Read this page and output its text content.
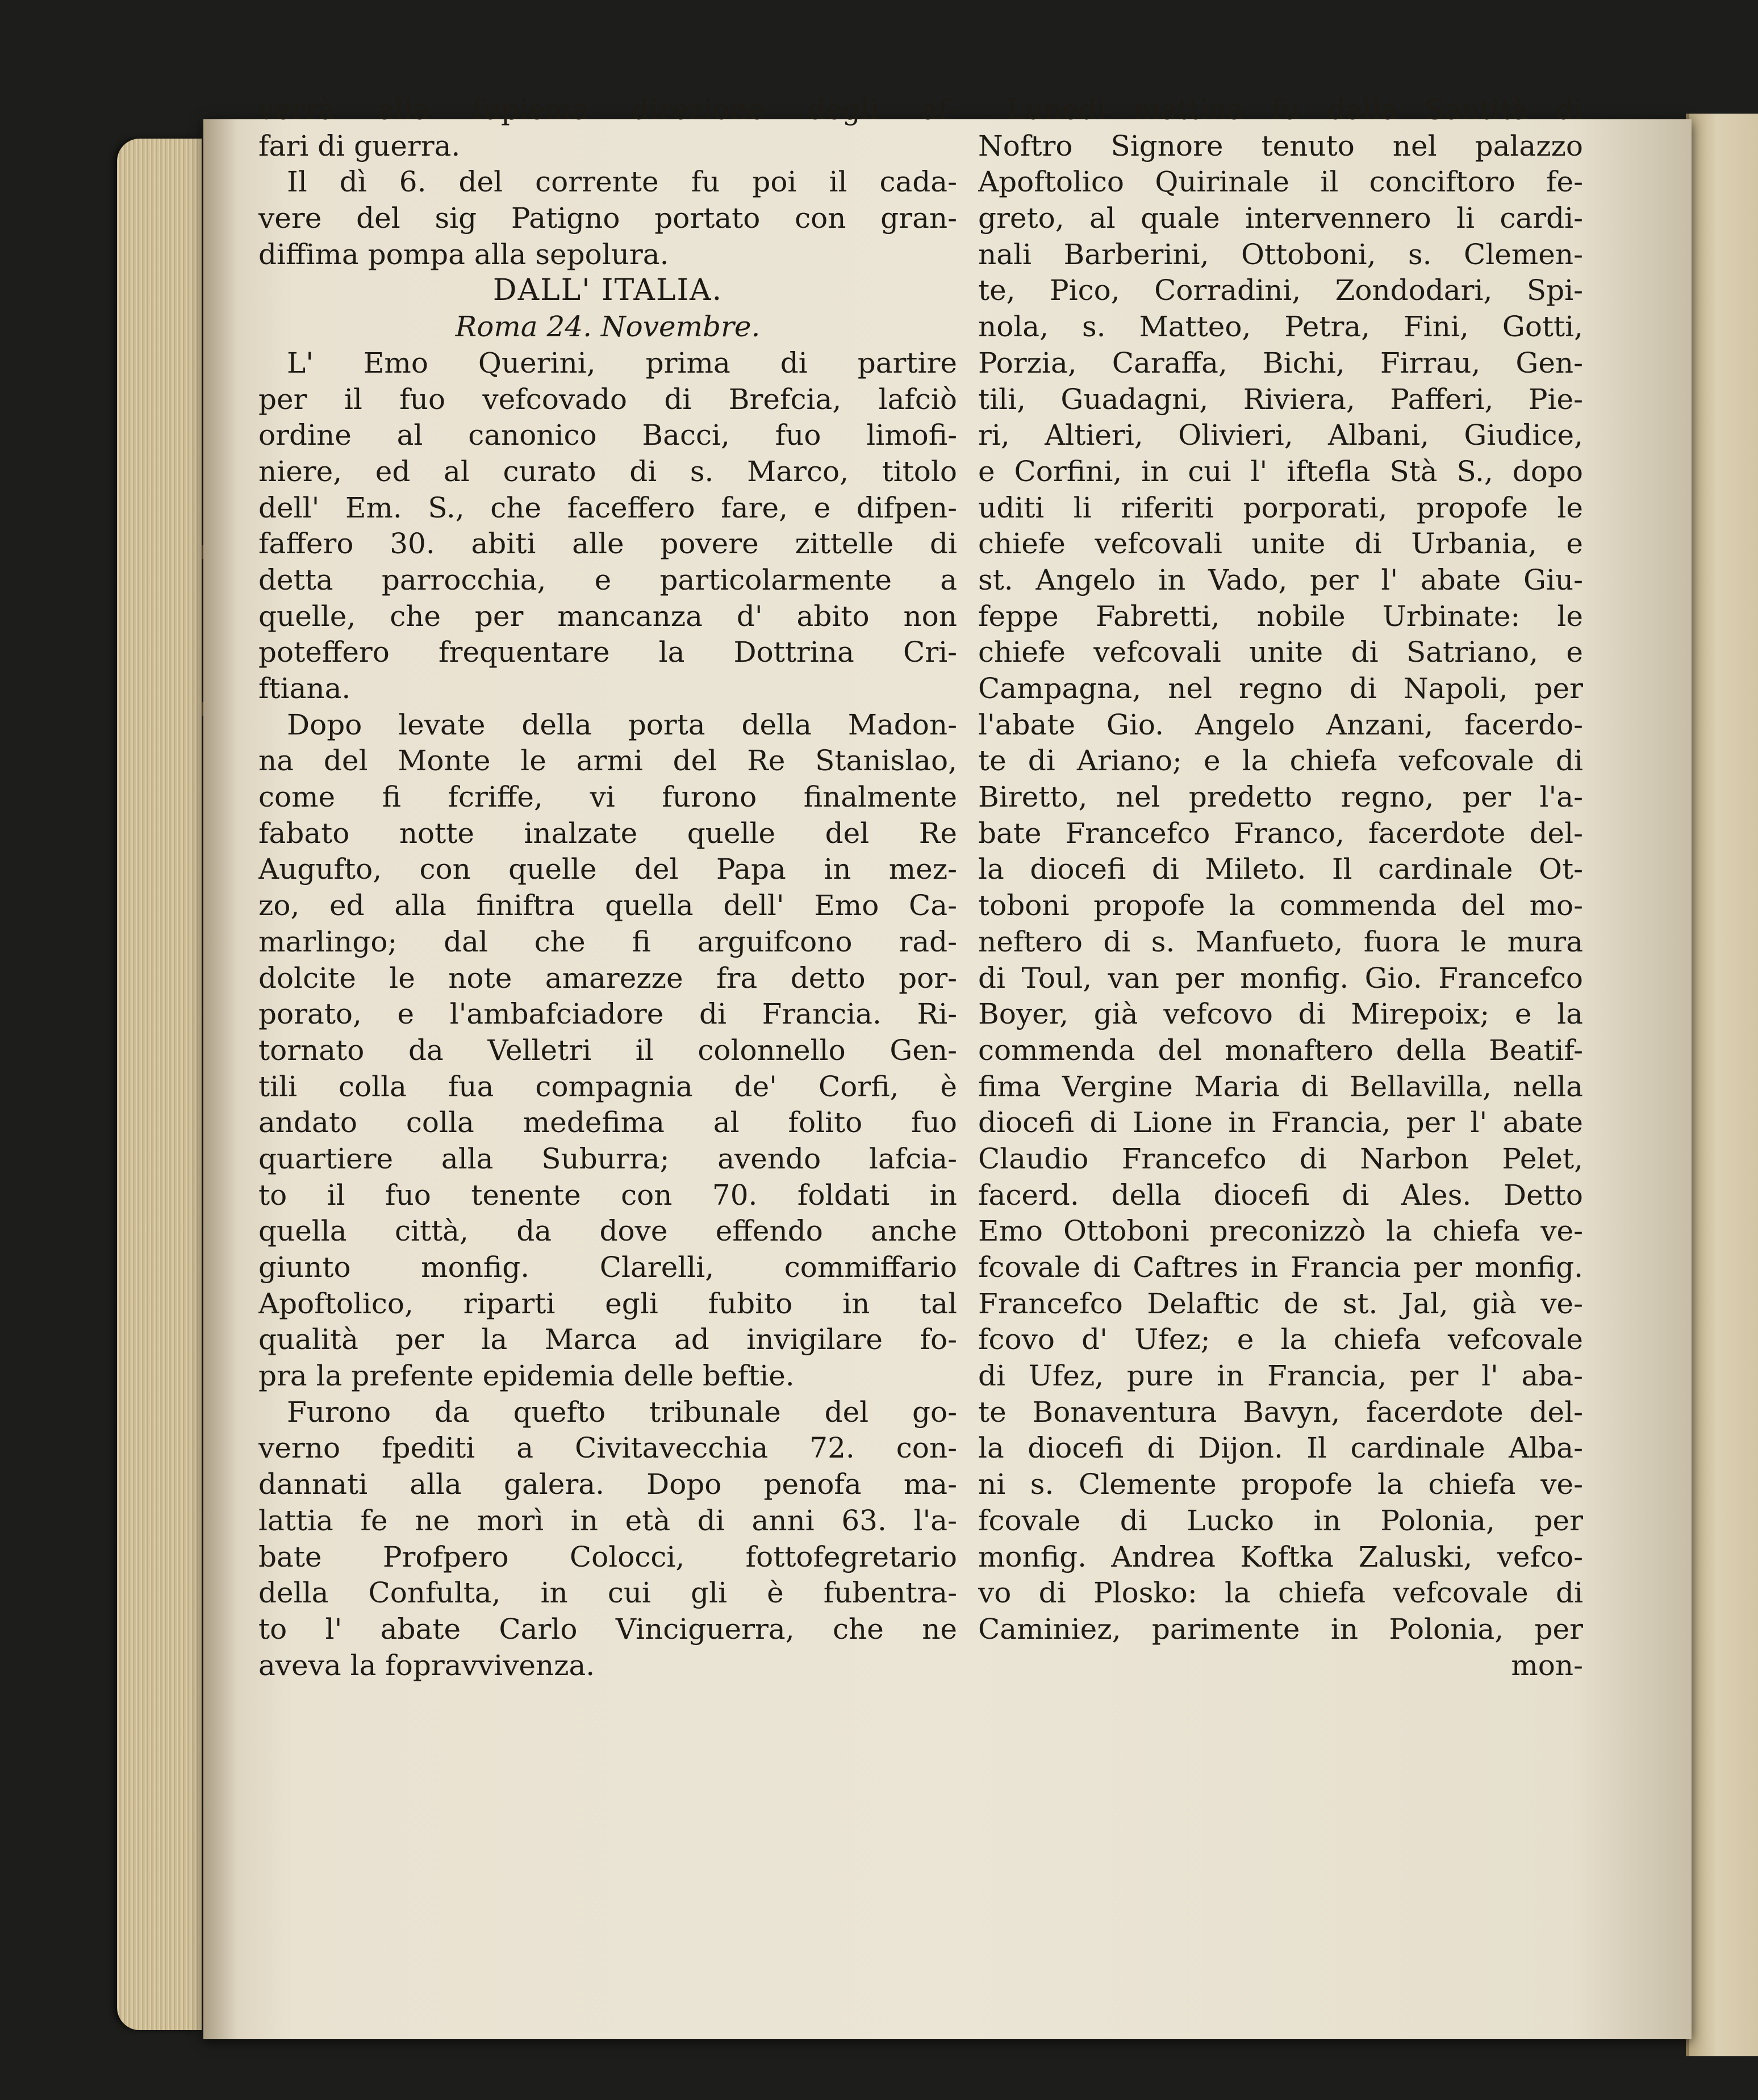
verrà alla fupiema direzione degli af-
fari di guerra.
Il dì 6. del corrente fu poi il cada-
vere del sig Patigno portato con gran-
diffima pompa alla sepolura.
DALL' ITALIA.
Roma 24. Novembre.
L' Emo Querini, prima di partire
per il fuo vefcovado di Brefcia, lafciò
ordine al canonico Bacci, fuo limofi-
niere, ed al curato di s. Marco, titolo
dell' Em. S., che faceffero fare, e difpen-
faffero 30. abiti alle povere zittelle di
detta parrocchia, e particolarmente a
quelle, che per mancanza d' abito non
poteffero frequentare la Dottrina Cri-
ftiana.
Dopo levate della porta della Madon-
na del Monte le armi del Re Stanislao,
come fi fcriffe, vi furono finalmente
fabato notte inalzate quelle del Re
Augufto, con quelle del Papa in mez-
zo, ed alla finiftra quella dell' Emo Ca-
marlingo; dal che fi arguifcono rad-
dolcite le note amarezze fra detto por-
porato, e l'ambafciadore di Francia. Ri-
tornato da Velletri il colonnello Gen-
tili colla fua compagnia de' Corfi, è
andato colla medefima al folito fuo
quartiere alla Suburra; avendo lafcia-
to il fuo tenente con 70. foldati in
quella città, da dove effendo anche
giunto monfig. Clarelli, commiffario
Apoftolico, riparti egli fubito in tal
qualità per la Marca ad invigilare fo-
pra la prefente epidemia delle beftie.
Furono da quefto tribunale del go-
verno fpediti a Civitavecchia 72. con-
dannati alla galera. Dopo penofa ma-
lattia fe ne morì in età di anni 63. l'a-
bate Profpero Colocci, fottofegretario
della Confulta, in cui gli è fubentra-
to l' abate Carlo Vinciguerra, che ne
aveva la fopravvivenza.
Lunedì mattina fu dalla Santità di
Noftro Signore tenuto nel palazzo
Apoftolico Quirinale il conciftoro fe-
greto, al quale intervennero li cardi-
nali Barberini, Ottoboni, s. Clemen-
te, Pico, Corradini, Zondodari, Spi-
nola, s. Matteo, Petra, Fini, Gotti,
Porzia, Caraffa, Bichi, Firrau, Gen-
tili, Guadagni, Riviera, Pafferi, Pie-
ri, Altieri, Olivieri, Albani, Giudice,
e Corfini, in cui l' iftefla Stà S., dopo
uditi li riferiti porporati, propofe le
chiefe vefcovali unite di Urbania, e
st. Angelo in Vado, per l' abate Giu-
feppe Fabretti, nobile Urbinate: le
chiefe vefcovali unite di Satriano, e
Campagna, nel regno di Napoli, per
l'abate Gio. Angelo Anzani, facerdo-
te di Ariano; e la chiefa vefcovale di
Biretto, nel predetto regno, per l'a-
bate Francefco Franco, facerdote del-
la diocefi di Mileto. Il cardinale Ot-
toboni propofe la commenda del mo-
neftero di s. Manfueto, fuora le mura
di Toul, van per monfig. Gio. Francefco
Boyer, già vefcovo di Mirepoix; e la
commenda del monaftero della Beatif-
fima Vergine Maria di Bellavilla, nella
diocefi di Lione in Francia, per l' abate
Claudio Francefco di Narbon Pelet,
facerd. della diocefi di Ales. Detto
Emo Ottoboni preconizzò la chiefa ve-
fcovale di Caftres in Francia per monfig.
Francefco Delaftic de st. Jal, già ve-
fcovo d' Ufez; e la chiefa vefcovale
di Ufez, pure in Francia, per l' aba-
te Bonaventura Bavyn, facerdote del-
la diocefi di Dijon. Il cardinale Alba-
ni s. Clemente propofe la chiefa ve-
fcovale di Lucko in Polonia, per
monfig. Andrea Koftka Zaluski, vefco-
vo di Plosko: la chiefa vefcovale di
Caminiez, parimente in Polonia, per
mon-
